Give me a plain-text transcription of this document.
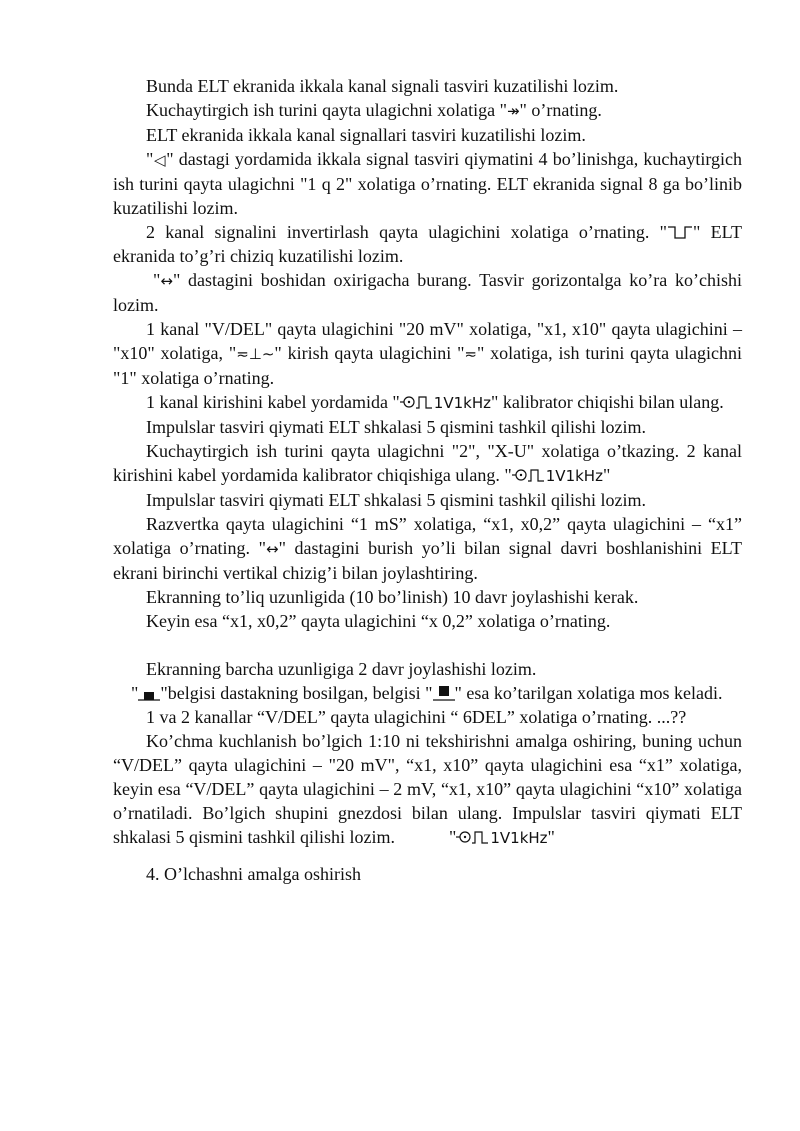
Bunda ELT ekranida ikkala kanal signali tasviri kuzatilishi lozim.

Kuchaytirgich ish turini qayta ulagichni xolatiga "↠" o’rnating.

ELT ekranida ikkala kanal signallari tasviri kuzatilishi lozim.

"◁" dastagi yordamida ikkala signal tasviri qiymatini 4 bo’linishga, kuchaytirgich ish turini qayta ulagichni "1 q 2" xolatiga o’rnating. ELT ekranida signal 8 ga bo’linib kuzatilishi lozim.

2 kanal signalini invertirlash qayta ulagichini xolatiga o’rnating. " " ELT ekranida to’g’ri chiziq kuzatilishi lozim.

"↔" dastagini boshidan oxirigacha burang. Tasvir gorizontalga ko’ra ko’chishi lozim.

1 kanal "V/DEL" qayta ulagichini "20 mV" xolatiga, "x1, x10" qayta ulagichini – "x10" xolatiga, "≂⊥∼" kirish qayta ulagichini "≂" xolatiga, ish turini qayta ulagichni "1" xolatiga o’rnating.

1 kanal kirishini kabel yordamida " 1V1kHz" kalibrator chiqishi bilan ulang.

Impulslar tasviri qiymati ELT shkalasi 5 qismini tashkil qilishi lozim.

Kuchaytirgich ish turini qayta ulagichni "2", "X-U" xolatiga o’tkazing. 2 kanal kirishini kabel yordamida kalibrator chiqishiga ulang. " 1V1kHz"

Impulslar tasviri qiymati ELT shkalasi 5 qismini tashkil qilishi lozim.

Razvertka qayta ulagichini “1 mS” xolatiga, “x1, x0,2” qayta ulagichini – “x1” xolatiga o’rnating. "↔" dastagini burish yo’li bilan signal davri boshlanishini ELT ekrani birinchi vertikal chizig’i bilan joylashtiring.

Ekranning to’liq uzunligida (10 bo’linish) 10 davr joylashishi kerak.

Keyin esa “x1, x0,2” qayta ulagichini “x 0,2” xolatiga o’rnating.

Ekranning barcha uzunligiga 2 davr joylashishi lozim.

" "belgisi dastakning bosilgan, belgisi " " esa ko’tarilgan xolatiga mos keladi.

1 va 2 kanallar “V/DEL” qayta ulagichini “ 6DEL” xolatiga o’rnating. ...??

Ko’chma kuchlanish bo’lgich 1:10 ni tekshirishni amalga oshiring, buning uchun “V/DEL” qayta ulagichini – "20 mV", “x1, x10” qayta ulagichini esa “x1” xolatiga, keyin esa “V/DEL” qayta ulagichini – 2 mV, “x1, x10” qayta ulagichini “x10” xolatiga o’rnatiladi. Bo’lgich shupini gnezdosi bilan ulang. Impulslar tasviri qiymati ELT shkalasi 5 qismini tashkil qilishi lozim.	" 1V1kHz"

4. O’lchashni amalga oshirish
